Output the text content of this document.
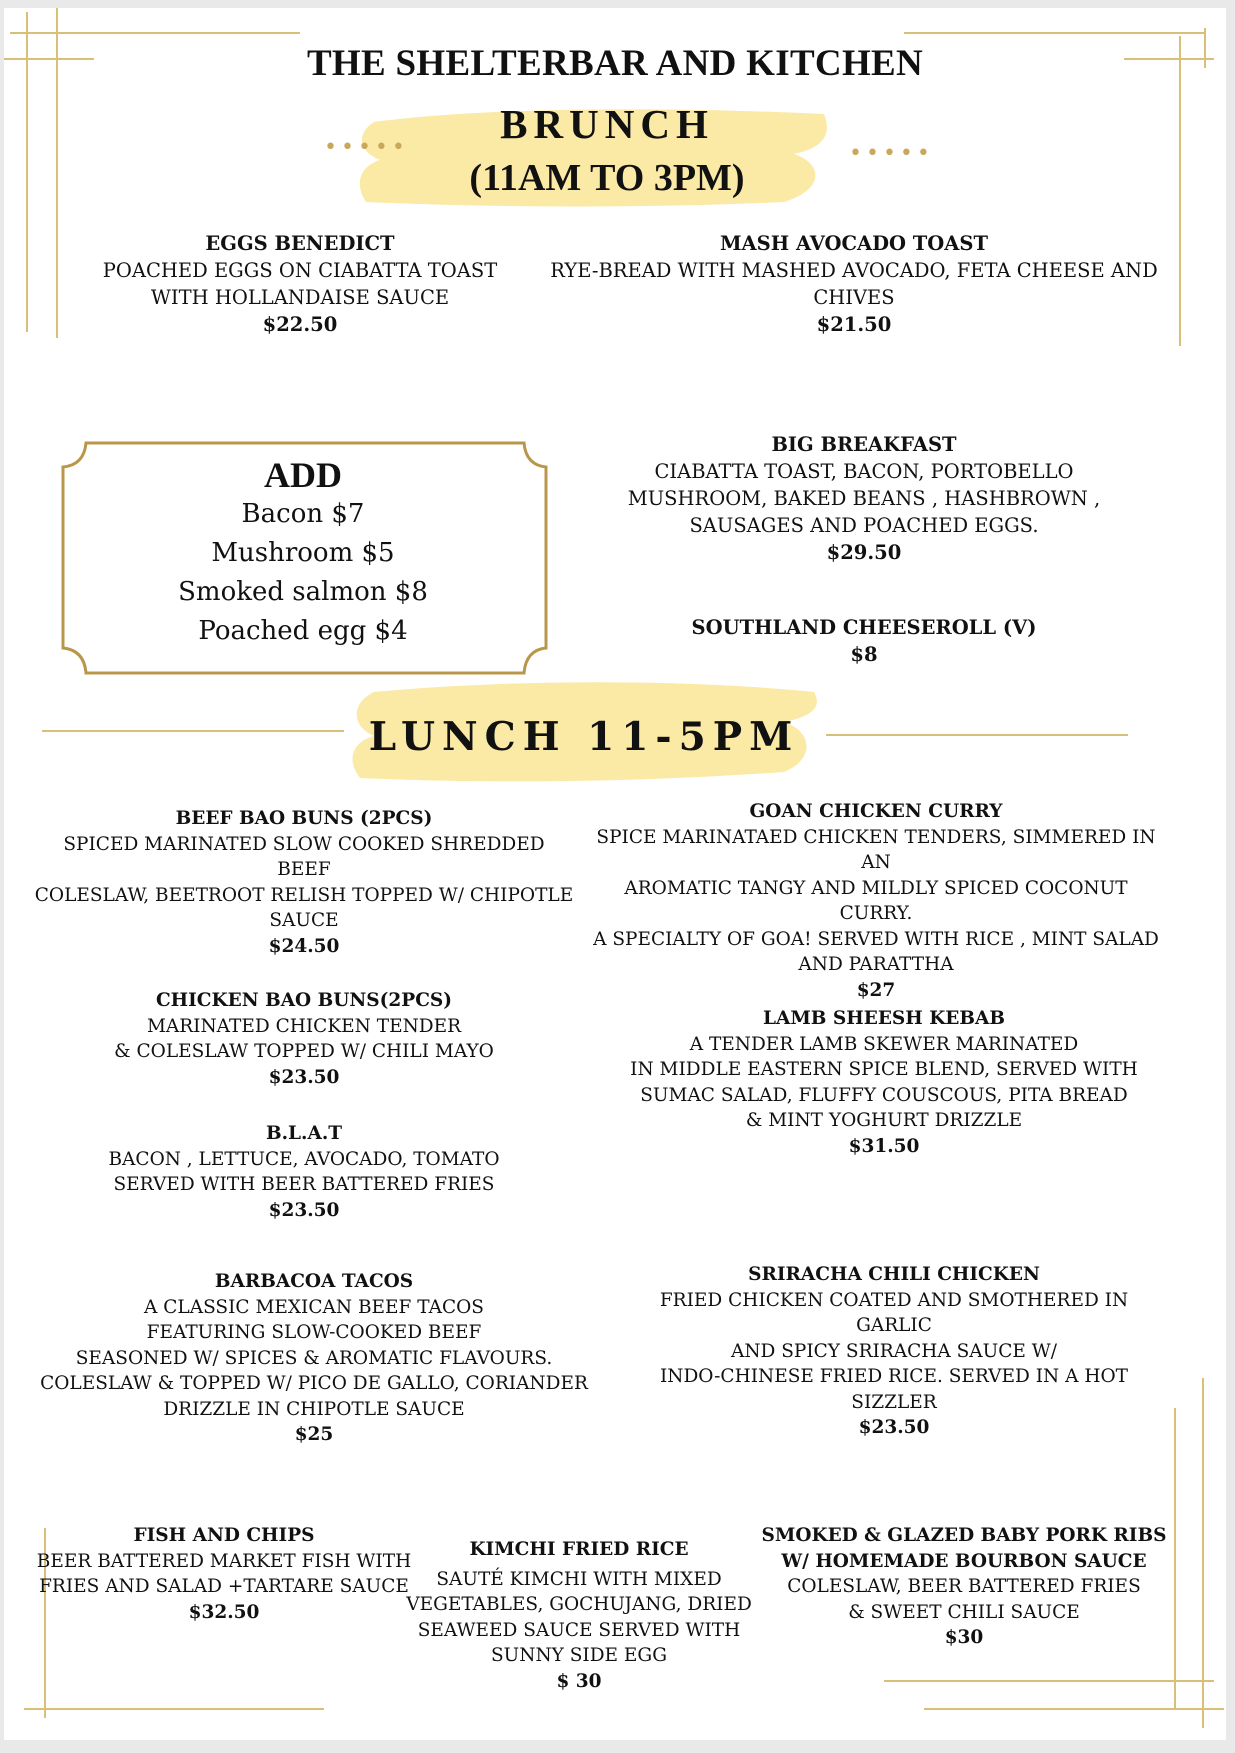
THE SHELTERBAR AND KITCHEN
•••••	•••••
BRUNCH
(11AM TO 3PM)
EGGS BENEDICT
POACHED EGGS ON CIABATTA TOAST
WITH HOLLANDAISE SAUCE
$22.50
MASH AVOCADO TOAST
RYE-BREAD WITH MASHED AVOCADO, FETA CHEESE AND
CHIVES
$21.50
ADD
Bacon $7
Mushroom $5
Smoked salmon $8
Poached egg $4
BIG BREAKFAST
CIABATTA TOAST, BACON, PORTOBELLO
MUSHROOM, BAKED BEANS , HASHBROWN ,
SAUSAGES AND POACHED EGGS.
$29.50
SOUTHLAND CHEESEROLL (V)
$8
LUNCH 11-5PM
BEEF BAO BUNS (2PCS)
SPICED MARINATED SLOW COOKED SHREDDED BEEF
COLESLAW, BEETROOT RELISH TOPPED W/ CHIPOTLE
SAUCE
$24.50
CHICKEN BAO BUNS(2PCS)
MARINATED CHICKEN TENDER
& COLESLAW TOPPED W/ CHILI MAYO
$23.50
B.L.A.T
BACON , LETTUCE, AVOCADO, TOMATO
SERVED WITH BEER BATTERED FRIES
$23.50
BARBACOA TACOS
A CLASSIC MEXICAN BEEF TACOS
FEATURING SLOW-COOKED BEEF
SEASONED W/ SPICES & AROMATIC FLAVOURS.
COLESLAW & TOPPED W/ PICO DE GALLO, CORIANDER
DRIZZLE IN CHIPOTLE SAUCE
$25
GOAN CHICKEN CURRY
SPICE MARINATAED CHICKEN TENDERS, SIMMERED IN AN
AROMATIC TANGY AND MILDLY SPICED COCONUT CURRY.
A SPECIALTY OF GOA! SERVED WITH RICE , MINT SALAD
AND PARATTHA
$27
LAMB SHEESH KEBAB
A TENDER LAMB SKEWER MARINATED
IN MIDDLE EASTERN SPICE BLEND, SERVED WITH
SUMAC SALAD, FLUFFY COUSCOUS, PITA BREAD
& MINT YOGHURT DRIZZLE
$31.50
SRIRACHA CHILI CHICKEN
FRIED CHICKEN COATED AND SMOTHERED IN
GARLIC
AND SPICY SRIRACHA SAUCE W/
INDO-CHINESE FRIED RICE. SERVED IN A HOT
SIZZLER
$23.50
FISH AND CHIPS
BEER BATTERED MARKET FISH WITH
FRIES AND SALAD +TARTARE SAUCE
$32.50
KIMCHI FRIED RICE
SAUTÉ KIMCHI WITH MIXED
VEGETABLES, GOCHUJANG, DRIED
SEAWEED SAUCE SERVED WITH
SUNNY SIDE EGG
$ 30
SMOKED & GLAZED BABY PORK RIBS
W/ HOMEMADE BOURBON SAUCE
COLESLAW, BEER BATTERED FRIES
& SWEET CHILI SAUCE
$30
